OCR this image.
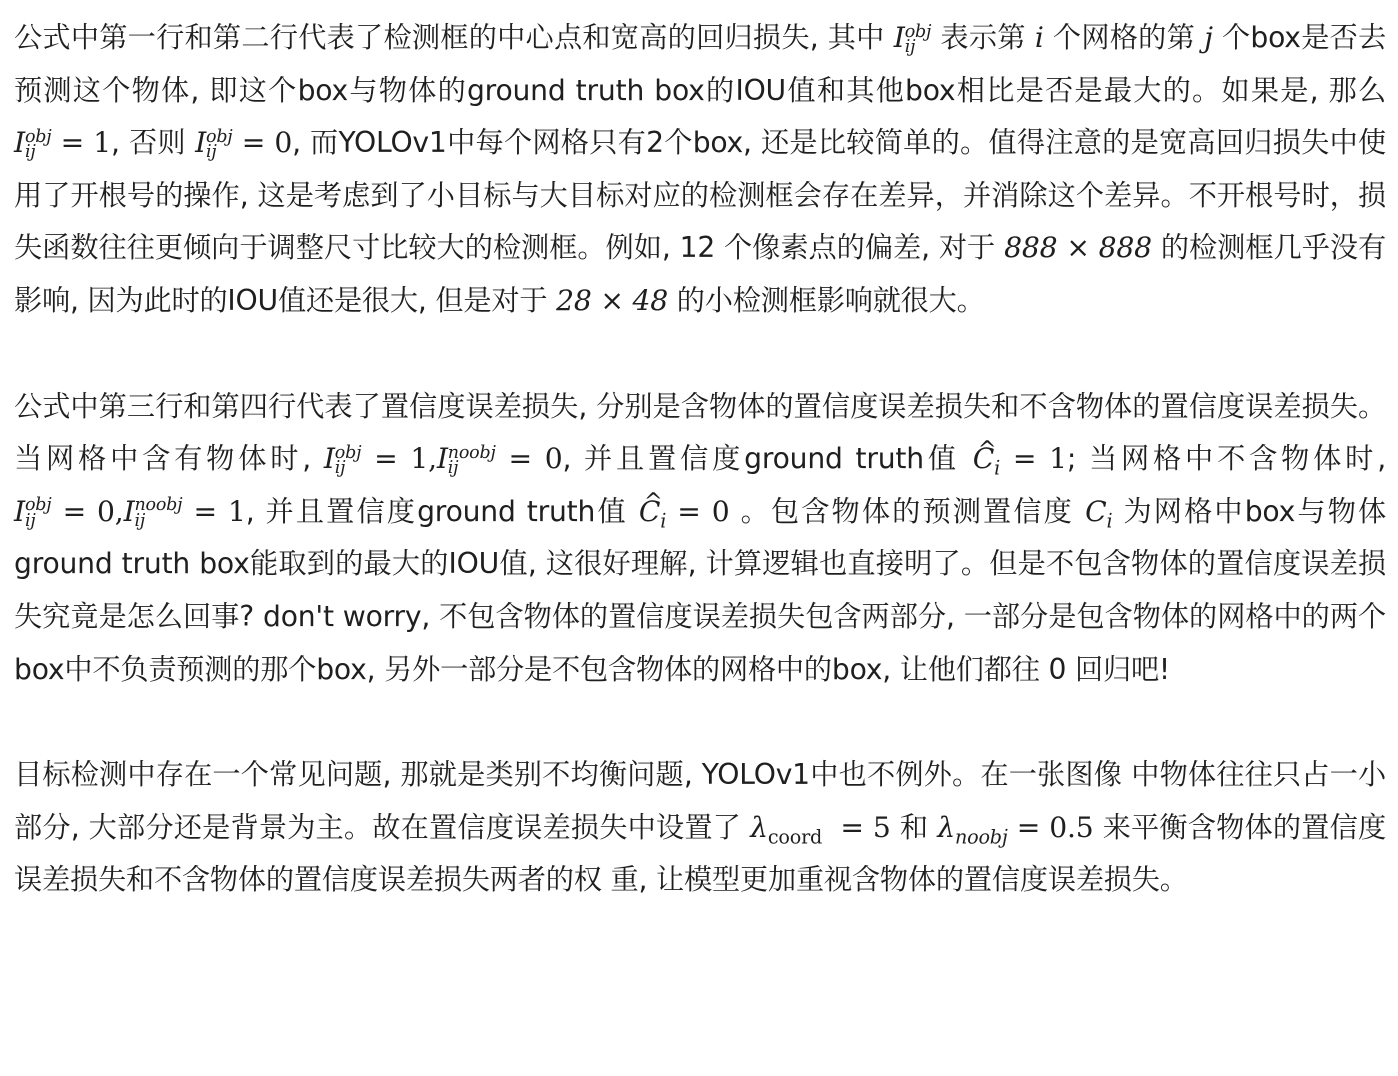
公式中第一行和第二行代表了检测框的中心点和宽高的回归损失, 其中 I obj
ij 表示第 i 个网格的第 j 个box是否去预测这个物体, 即这个box与物体的ground truth box的IOU值和其他box相比是否是最大的。如果是, 那么 I obj
ij = 1, 否则 I obj
ij = 0, 而YOLOv1中每个网格只有2个box, 还是比较简单的。值得注意的是宽高回归损失中使用了开根号的操作, 这是考虑到了小目标与大目标对应的检测框会存在差异，并消除这个差异。不开根号时，损失函数往往更倾向于调整尺寸比较大的检测框。例如, 12 个像素点的偏差, 对于 888 × 888 的检测框几乎没有影响, 因为此时的IOU值还是很大, 但是对于 28 × 48 的小检测框影响就很大。

公式中第三行和第四行代表了置信度误差损失, 分别是含物体的置信度误差损失和不含物体的置信度误差损失。当网格中含有物体时, I obj
ij	= 1,I noobj
ij	= 0, 并且置信度ground truth值 ^ $C_i = 1$; 当网格中不含物体时, I obj
ij = 0,I noobj
ij	= 1, 并且置信度ground truth值 ^ $C_i = 0$ 。包含物体的预测置信度 $C_i$ 为网格中box与物体 ground truth box能取到的最大的IOU值, 这很好理解, 计算逻辑也直接明了。但是不包含物体的置信度误差损失究竟是怎么回事? don't worry, 不包含物体的置信度误差损失包含两部分, 一部分是包含物体的网格中的两个box中不负责预测的那个box, 另外一部分是不包含物体的网格中的box, 让他们都往 0 回归吧!

目标检测中存在一个常见问题, 那就是类别不均衡问题, YOLOv1中也不例外。在一张图像 中物体往往只占一小部分, 大部分还是背景为主。故在置信度误差损失中设置了 $\lambda_{coord} = 5$ 和 $\lambda_{noobj} = 0.5$ 来平衡含物体的置信度误差损失和不含物体的置信度误差损失两者的权 重, 让模型更加重视含物体的置信度误差损失。
